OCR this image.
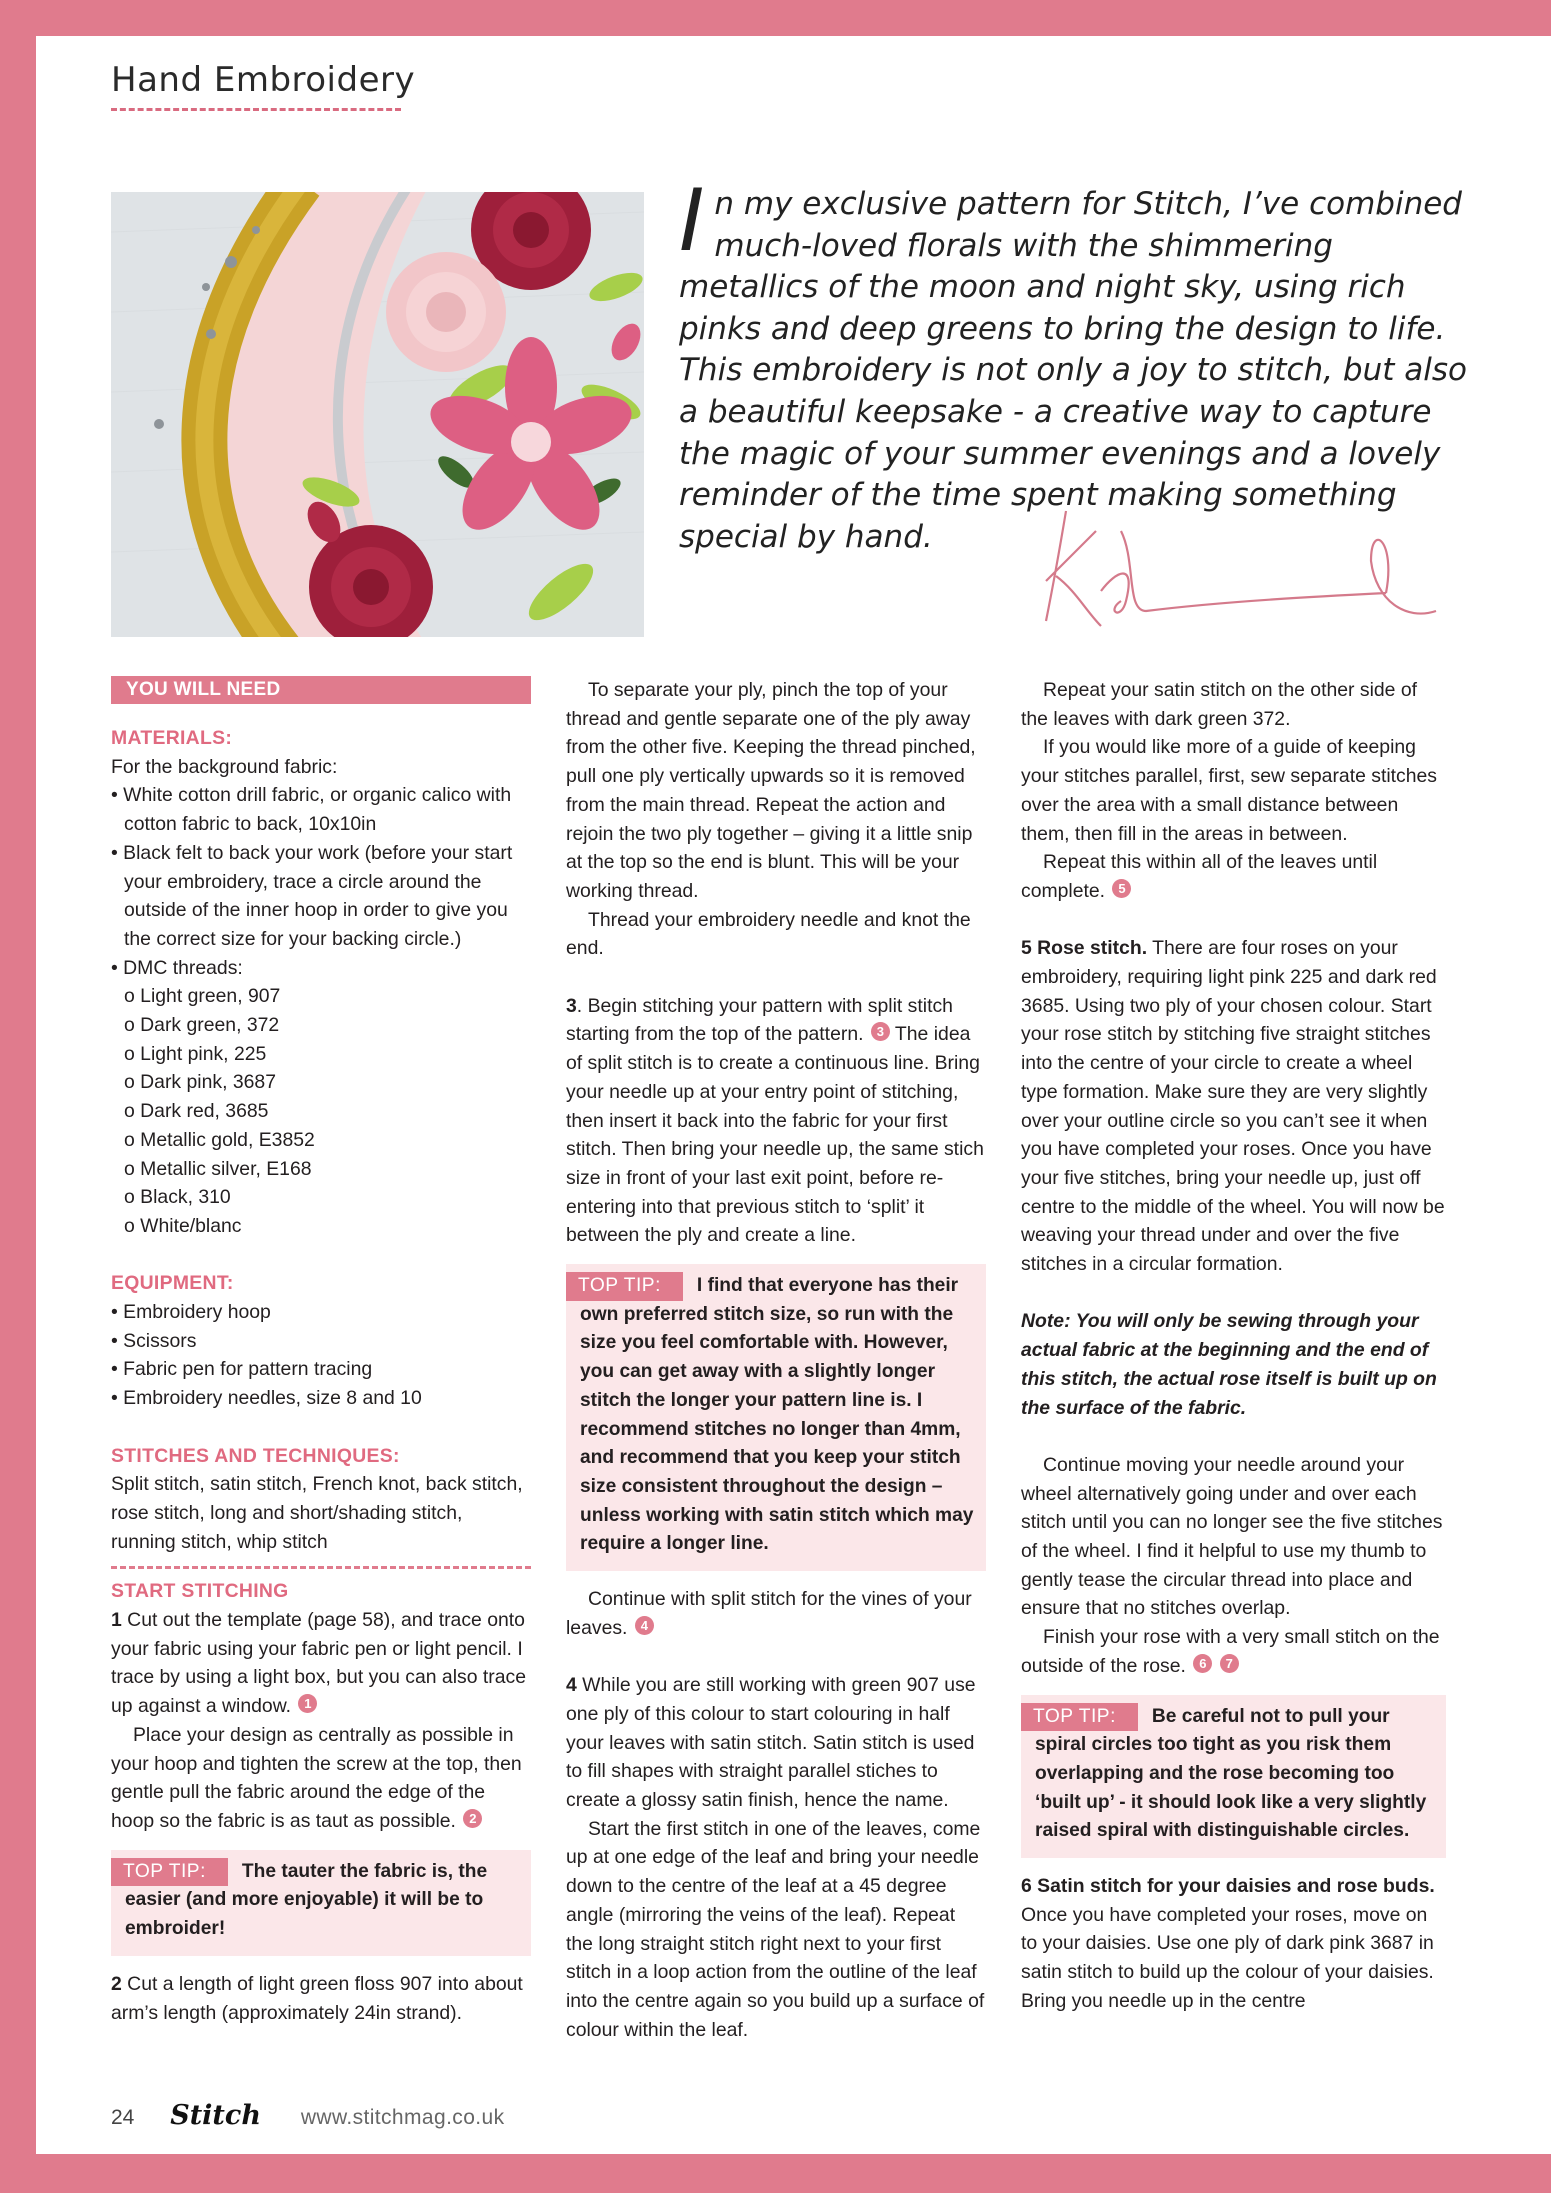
Hand Embroidery
In my exclusive pattern for Stitch, I’ve combined much-loved florals with the shimmering metallics of the moon and night sky, using rich pinks and deep greens to bring the design to life. This embroidery is not only a joy to stitch, but also a beautiful keepsake - a creative way to capture the magic of your summer evenings and a lovely reminder of the time spent making something
special by hand.
YOU WILL NEED

MATERIALS:

For the background fabric:

• White cotton drill fabric, or organic calico with cotton fabric to back, 10x10in

• Black felt to back your work (before your start your embroidery, trace a circle around the outside of the inner hoop in order to give you the correct size for your backing circle.)

• DMC threads:

o Light green, 907

o Dark green, 372

o Light pink, 225

o Dark pink, 3687

o Dark red, 3685

o Metallic gold, E3852

o Metallic silver, E168

o Black, 310

o White/blanc

EQUIPMENT:

• Embroidery hoop

• Scissors

• Fabric pen for pattern tracing

• Embroidery needles, size 8 and 10

STITCHES AND TECHNIQUES:

Split stitch, satin stitch, French knot, back stitch, rose stitch, long and short/shading stitch, running stitch, whip stitch

START STITCHING

1 Cut out the template (page 58), and trace onto your fabric using your fabric pen or light pencil. I trace by using a light box, but you can also trace up against a window. 1

Place your design as centrally as possible in your hoop and tighten the screw at the top, then gentle pull the fabric around the edge of the hoop so the fabric is as taut as possible. 2

TOP TIP: The tauter the fabric is, the easier (and more enjoyable) it will be to embroider!

2 Cut a length of light green floss 907 into about arm’s length (approximately 24in strand).

To separate your ply, pinch the top of your thread and gentle separate one of the ply away from the other five. Keeping the thread pinched, pull one ply vertically upwards so it is removed from the main thread. Repeat the action and rejoin the two ply together – giving it a little snip at the top so the end is blunt. This will be your working thread.

Thread your embroidery needle and knot the end.

3. Begin stitching your pattern with split stitch starting from the top of the pattern. 3 The idea of split stitch is to create a continuous line. Bring your needle up at your entry point of stitching, then insert it back into the fabric for your first stitch. Then bring your needle up, the same stich size in front of your last exit point, before re-entering into that previous stitch to ‘split’ it between the ply and create a line.

TOP TIP: I find that everyone has their own preferred stitch size, so run with the size you feel comfortable with. However, you can get away with a slightly longer stitch the longer your pattern line is. I recommend stitches no longer than 4mm, and recommend that you keep your stitch size consistent throughout the design – unless working with satin stitch which may require a longer line.

Continue with split stitch for the vines of your leaves. 4

4 While you are still working with green 907 use one ply of this colour to start colouring in half your leaves with satin stitch. Satin stitch is used to fill shapes with straight parallel stiches to create a glossy satin finish, hence the name.

Start the first stitch in one of the leaves, come up at one edge of the leaf and bring your needle down to the centre of the leaf at a 45 degree angle (mirroring the veins of the leaf). Repeat the long straight stitch right next to your first stitch in a loop action from the outline of the leaf into the centre again so you build up a surface of colour within the leaf.

Repeat your satin stitch on the other side of the leaves with dark green 372.

If you would like more of a guide of keeping your stitches parallel, first, sew separate stitches over the area with a small distance between them, then fill in the areas in between.

Repeat this within all of the leaves until complete. 5

5 Rose stitch. There are four roses on your embroidery, requiring light pink 225 and dark red 3685. Using two ply of your chosen colour. Start your rose stitch by stitching five straight stitches into the centre of your circle to create a wheel type formation. Make sure they are very slightly over your outline circle so you can’t see it when you have completed your roses. Once you have your five stitches, bring your needle up, just off centre to the middle of the wheel. You will now be weaving your thread under and over the five stitches in a circular formation.

Note: You will only be sewing through your actual fabric at the beginning and the end of this stitch, the actual rose itself is built up on the surface of the fabric.

Continue moving your needle around your wheel alternatively going under and over each stitch until you can no longer see the five stitches of the wheel. I find it helpful to use my thumb to gently tease the circular thread into place and ensure that no stitches overlap.

Finish your rose with a very small stitch on the outside of the rose. 6 7

TOP TIP: Be careful not to pull your spiral circles too tight as you risk them overlapping and the rose becoming too ‘built up’ - it should look like a very slightly raised spiral with distinguishable circles.

6 Satin stitch for your daisies and rose buds. Once you have completed your roses, move on to your daisies. Use one ply of dark pink 3687 in satin stitch to build up the colour of your daisies. Bring you needle up in the centre

24 Stitch www.stitchmag.co.uk
